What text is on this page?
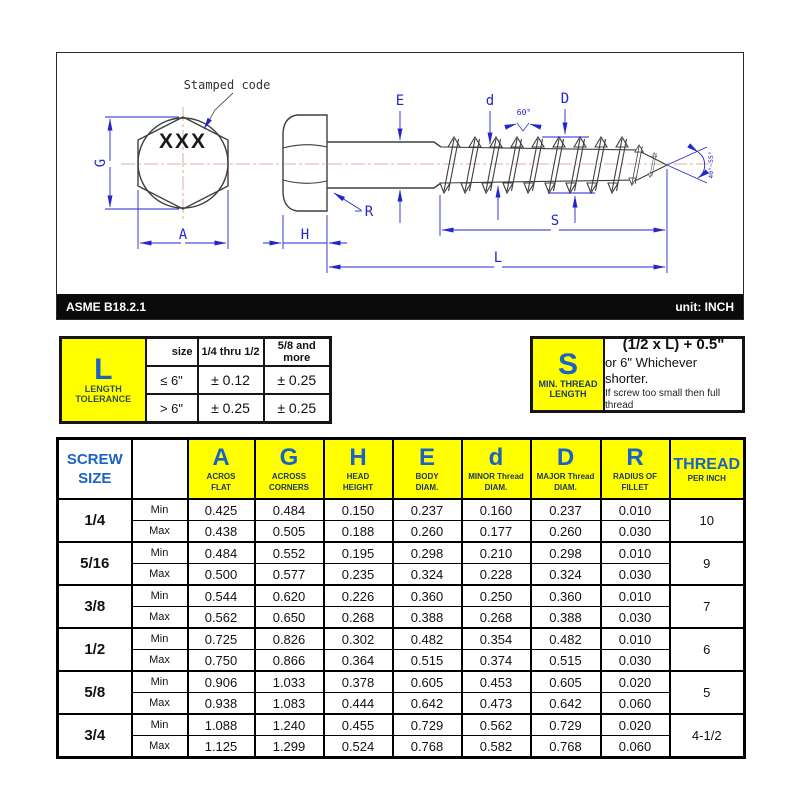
XXX
Stamped code
G
A
E	d	D
60°
40°~55°
S
L
H
R
ASME B18.2.1	unit: INCH
L
LENGTH
TOLERANCE	size	1/4 thru 1/2	5/8 and more
	≤ 6"	± 0.12	± 0.25
	> 6"	± 0.25	± 0.25
S
MIN. THREAD
LENGTH
(1/2 x L) + 0.5"
or 6" Whichever shorter.
If screw too small then full thread
SCREW
SIZE

A
ACROS
FLAT

G
ACROSS
CORNERS

H
HEAD
HEIGHT

E
BODY
DIAM.

d
MINOR Thread
DIAM.

D
MAJOR Thread
DIAM.

R
RADIUS OF
FILLET

THREAD
PER INCH

1/4	Min	0.425	0.484	0.150	0.237	0.160	0.237	0.010	10
	Max	0.438	0.505	0.188	0.260	0.177	0.260	0.030	
5/16	Min	0.484	0.552	0.195	0.298	0.210	0.298	0.010	9
	Max	0.500	0.577	0.235	0.324	0.228	0.324	0.030	
3/8	Min	0.544	0.620	0.226	0.360	0.250	0.360	0.010	7
	Max	0.562	0.650	0.268	0.388	0.268	0.388	0.030	
1/2	Min	0.725	0.826	0.302	0.482	0.354	0.482	0.010	6
	Max	0.750	0.866	0.364	0.515	0.374	0.515	0.030	
5/8	Min	0.906	1.033	0.378	0.605	0.453	0.605	0.020	5
	Max	0.938	1.083	0.444	0.642	0.473	0.642	0.060	
3/4	Min	1.088	1.240	0.455	0.729	0.562	0.729	0.020	4-1/2
	Max	1.125	1.299	0.524	0.768	0.582	0.768	0.060	
